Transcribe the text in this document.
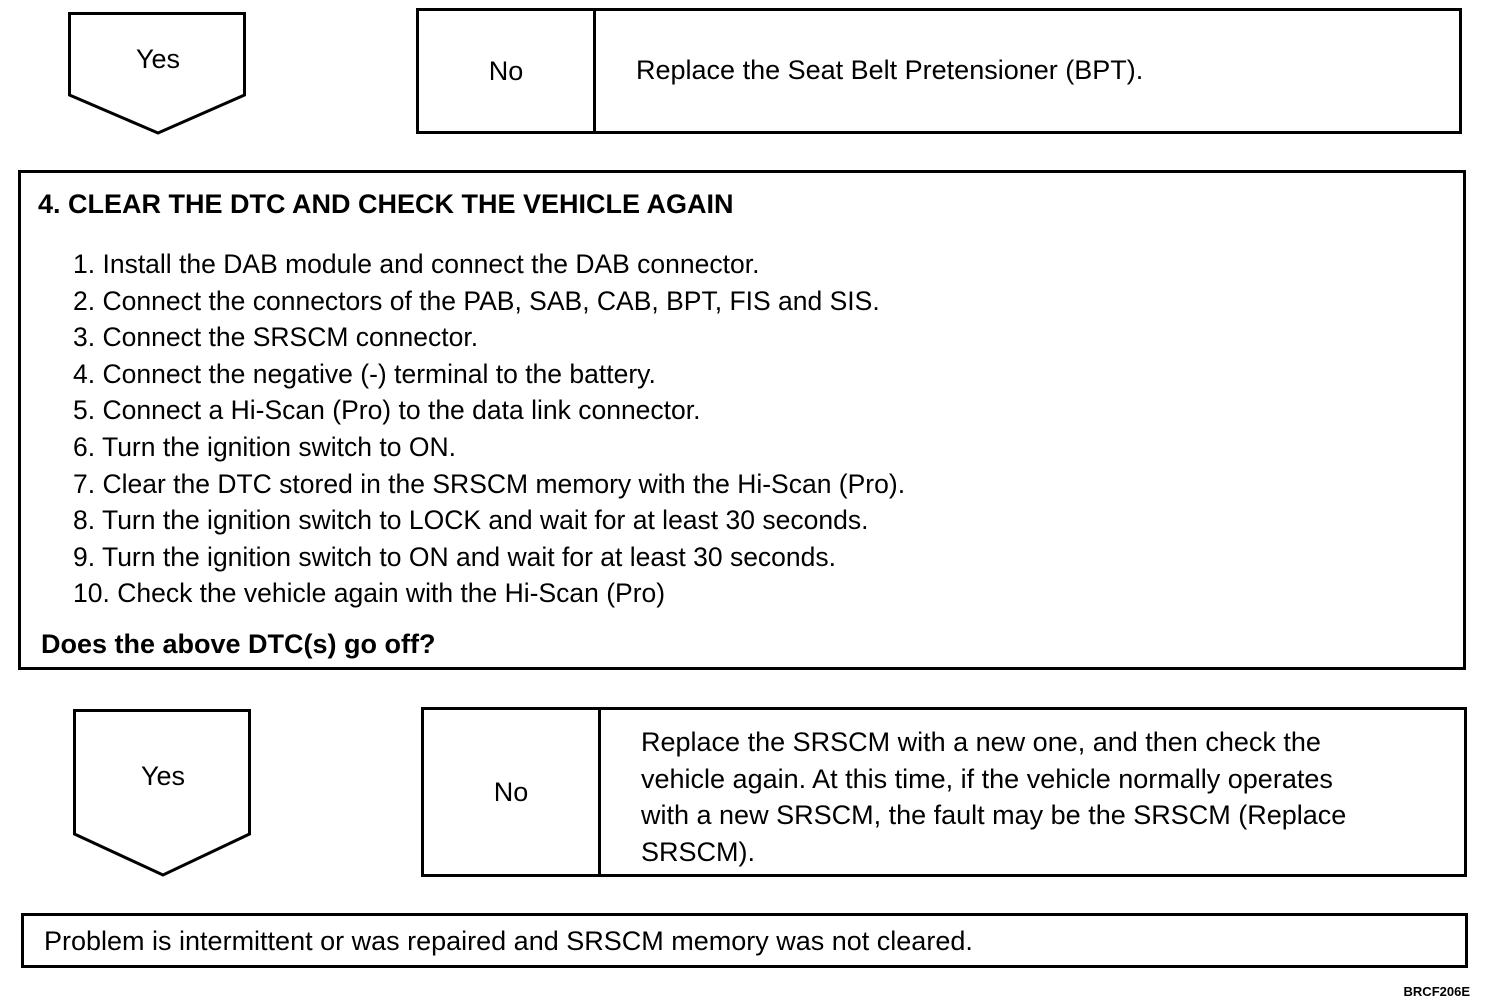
Yes	No	Replace the Seat Belt Pretensioner (BPT).
4. CLEAR THE DTC AND CHECK THE VEHICLE AGAIN
1. Install the DAB module and connect the DAB connector.
2. Connect the connectors of the PAB, SAB, CAB, BPT, FIS and SIS.
3. Connect the SRSCM connector.
4. Connect the negative (-) terminal to the battery.
5. Connect a Hi-Scan (Pro) to the data link connector.
6. Turn the ignition switch to ON.
7. Clear the DTC stored in the SRSCM memory with the Hi-Scan (Pro).
8. Turn the ignition switch to LOCK and wait for at least 30 seconds.
9. Turn the ignition switch to ON and wait for at least 30 seconds.
10. Check the vehicle again with the Hi-Scan (Pro)
Does the above DTC(s) go off?
Yes
No
Replace the SRSCM with a new one, and then check the
vehicle again. At this time, if the vehicle normally operates
with a new SRSCM, the fault may be the SRSCM (Replace
SRSCM).
Problem is intermittent or was repaired and SRSCM memory was not cleared.
BRCF206E
